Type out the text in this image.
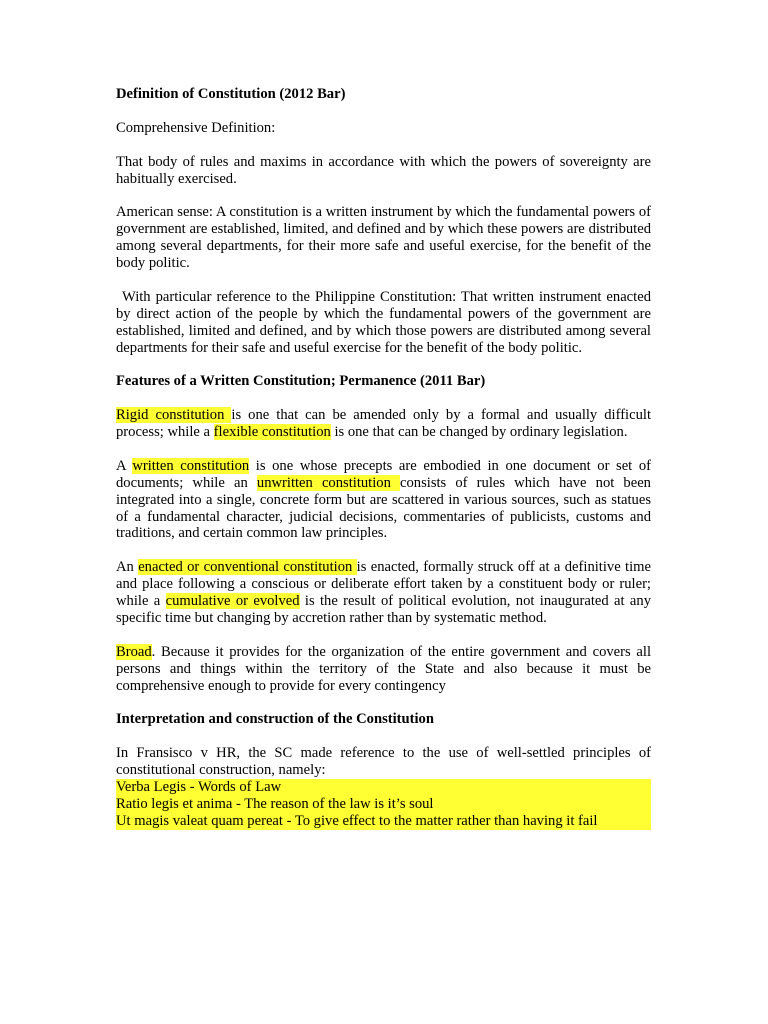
Definition of Constitution (2012 Bar)

Comprehensive Definition:

That body of rules and maxims in accordance with which the powers of sovereignty are habitually exercised.

American sense: A constitution is a written instrument by which the fundamental powers of government are established, limited, and defined and by which these powers are distributed among several departments, for their more safe and useful exercise, for the benefit of the body politic.

With particular reference to the Philippine Constitution: That written instrument enacted by direct action of the people by which the fundamental powers of the government are established, limited and defined, and by which those powers are distributed among several departments for their safe and useful exercise for the benefit of the body politic.

Features of a Written Constitution; Permanence (2011 Bar)

Rigid constitution is one that can be amended only by a formal and usually difficult process; while a flexible constitution is one that can be changed by ordinary legislation.

A written constitution is one whose precepts are embodied in one document or set of documents; while an unwritten constitution consists of rules which have not been integrated into a single, concrete form but are scattered in various sources, such as statues of a fundamental character, judicial decisions, commentaries of publicists, customs and traditions, and certain common law principles.

An enacted or conventional constitution is enacted, formally struck off at a definitive time and place following a conscious or deliberate effort taken by a constituent body or ruler; while a cumulative or evolved is the result of political evolution, not inaugurated at any specific time but changing by accretion rather than by systematic method.

Broad. Because it provides for the organization of the entire government and covers all persons and things within the territory of the State and also because it must be comprehensive enough to provide for every contingency

Interpretation and construction of the Constitution

In Fransisco v HR, the SC made reference to the use of well-settled principles of constitutional construction, namely:

Verba Legis - Words of Law
Ratio legis et anima - The reason of the law is it’s soul
Ut magis valeat quam pereat - To give effect to the matter rather than having it fail
